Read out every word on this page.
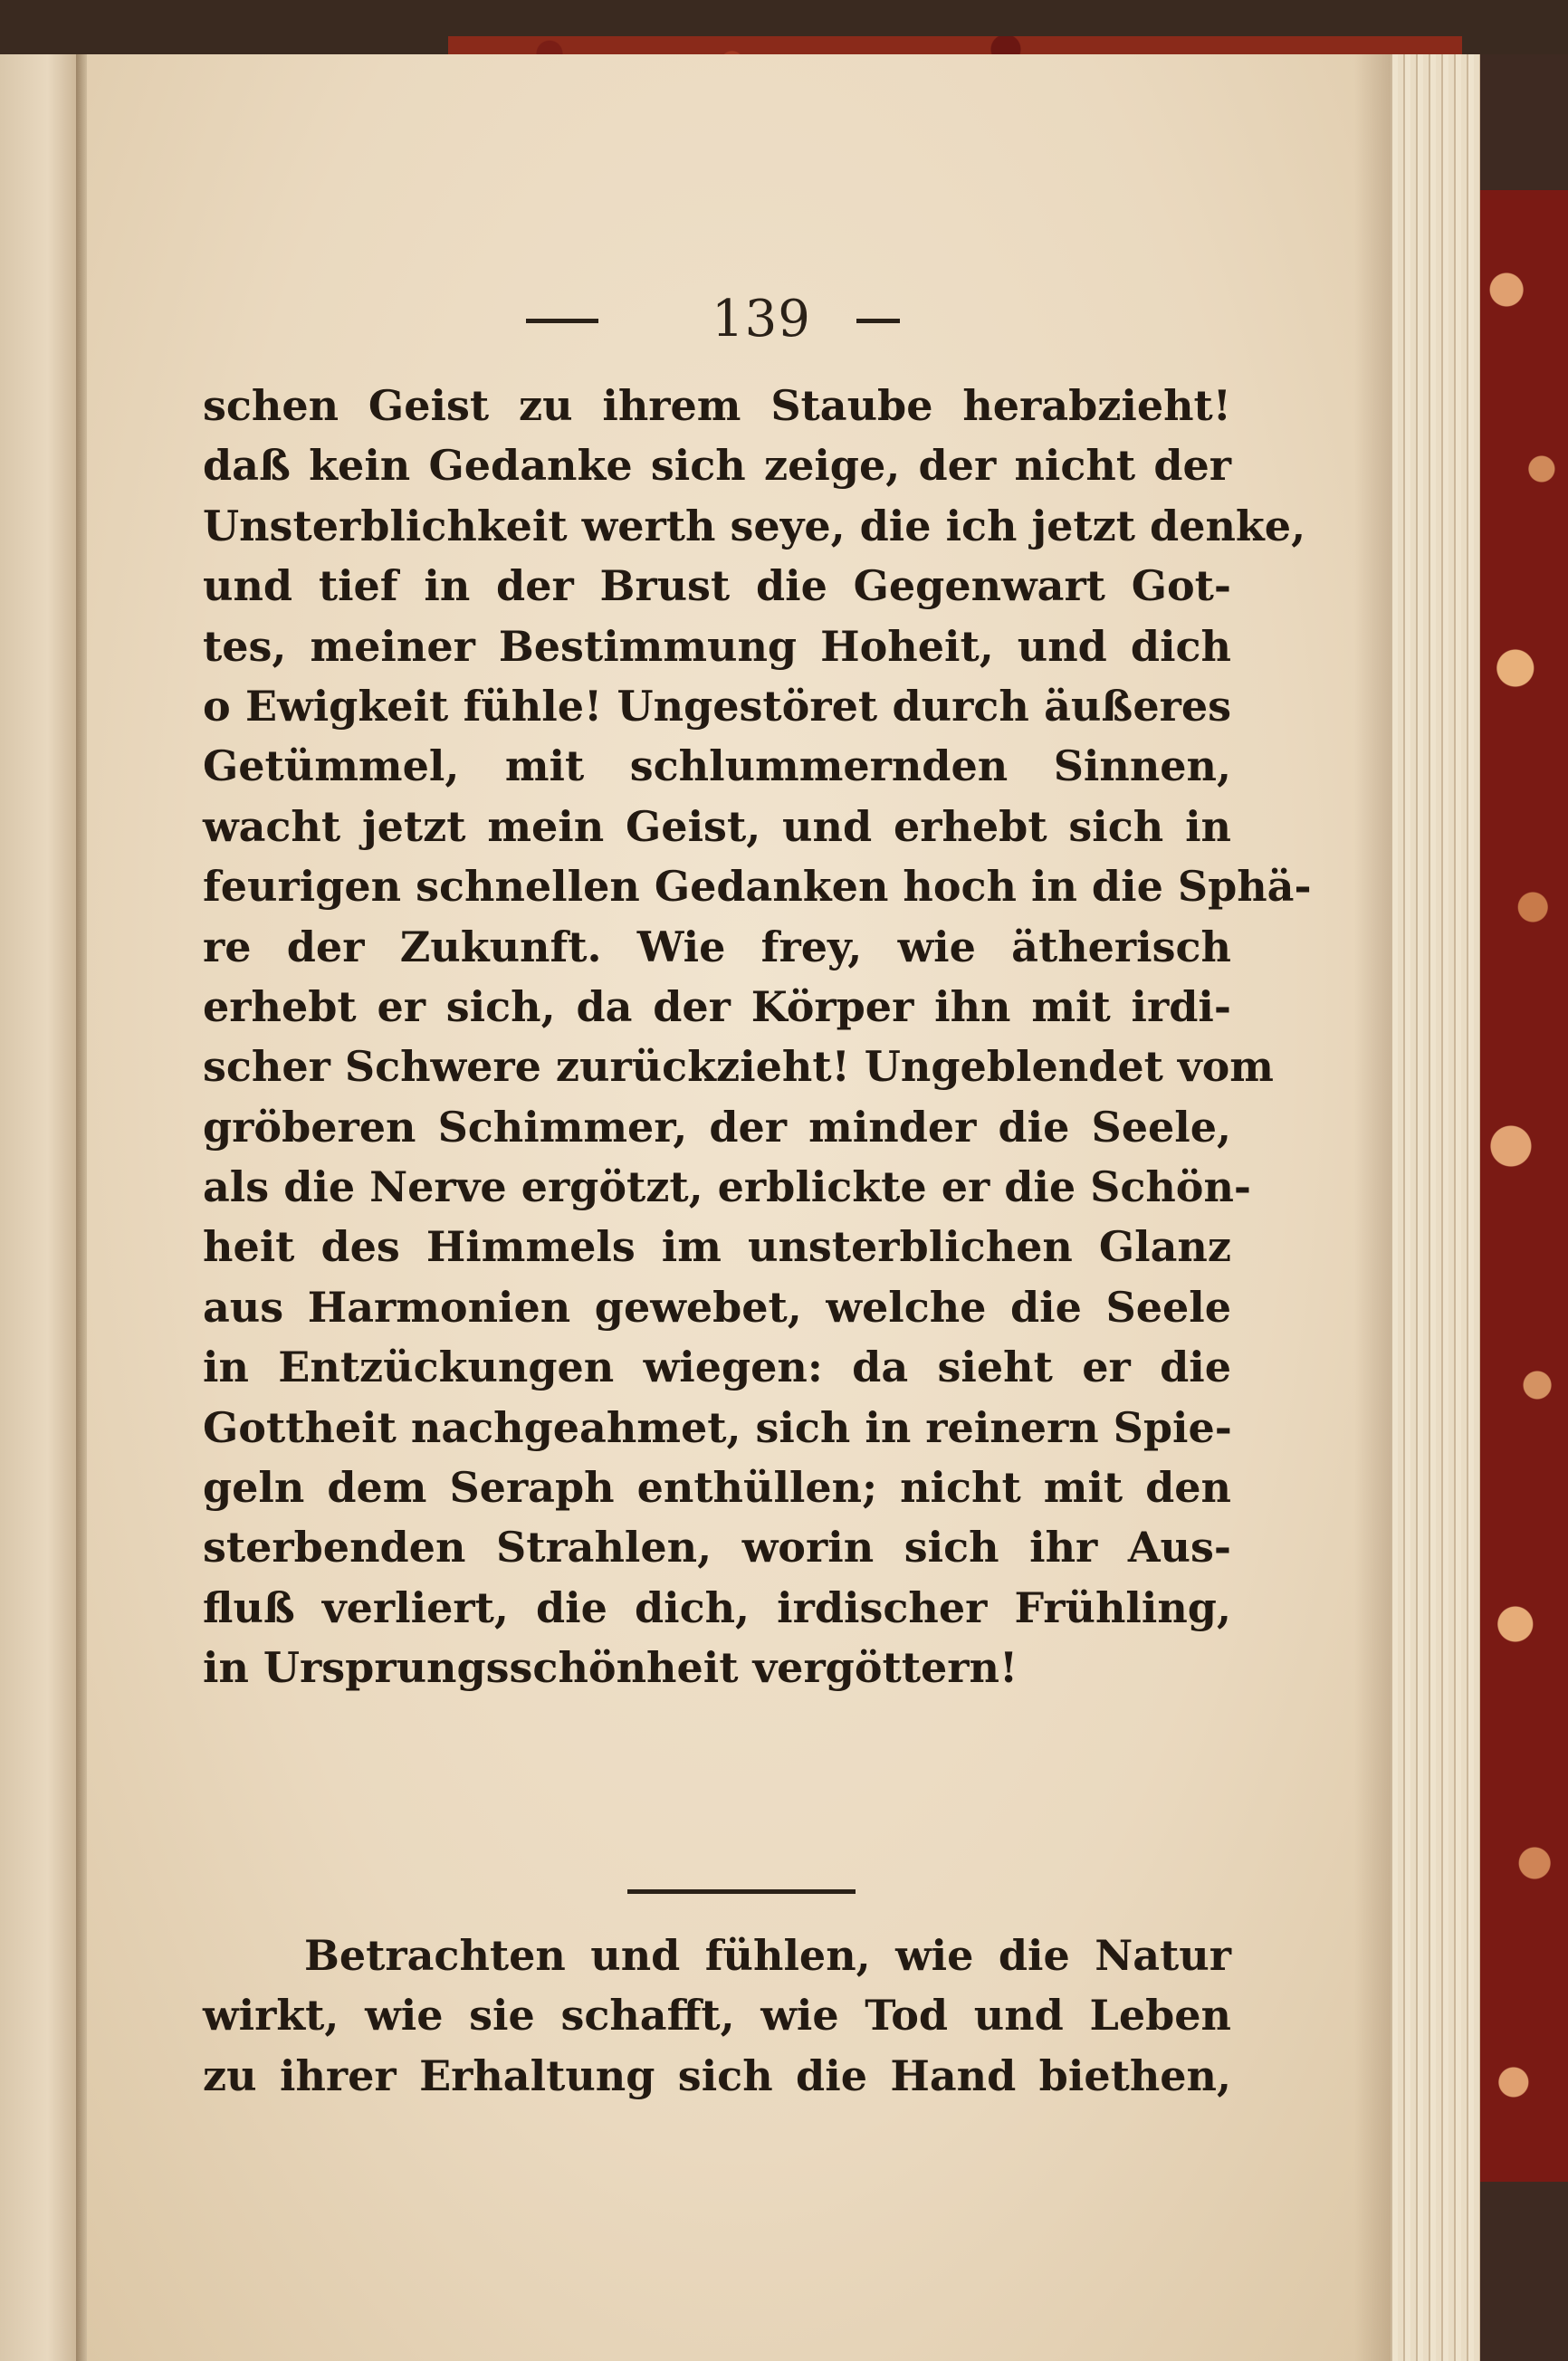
139
schen Geist zu ihrem Staube herabzieht!
daß kein Gedanke sich zeige, der nicht der
Unsterblichkeit werth seye, die ich jetzt denke,
und tief in der Brust die Gegenwart Got-
tes, meiner Bestimmung Hoheit, und dich
o Ewigkeit fühle! Ungestöret durch äußeres
Getümmel, mit schlummernden Sinnen,
wacht jetzt mein Geist, und erhebt sich in
feurigen schnellen Gedanken hoch in die Sphä-
re der Zukunft. Wie frey, wie ätherisch
erhebt er sich, da der Körper ihn mit irdi-
scher Schwere zurückzieht! Ungeblendet vom
gröberen Schimmer, der minder die Seele,
als die Nerve ergötzt, erblickte er die Schön-
heit des Himmels im unsterblichen Glanz
aus Harmonien gewebet, welche die Seele
in Entzückungen wiegen: da sieht er die
Gottheit nachgeahmet, sich in reinern Spie-
geln dem Seraph enthüllen; nicht mit den
sterbenden Strahlen, worin sich ihr Aus-
fluß verliert, die dich, irdischer Frühling,
in Ursprungsschönheit vergöttern!
Betrachten und fühlen, wie die Natur
wirkt, wie sie schafft, wie Tod und Leben
zu ihrer Erhaltung sich die Hand biethen,
